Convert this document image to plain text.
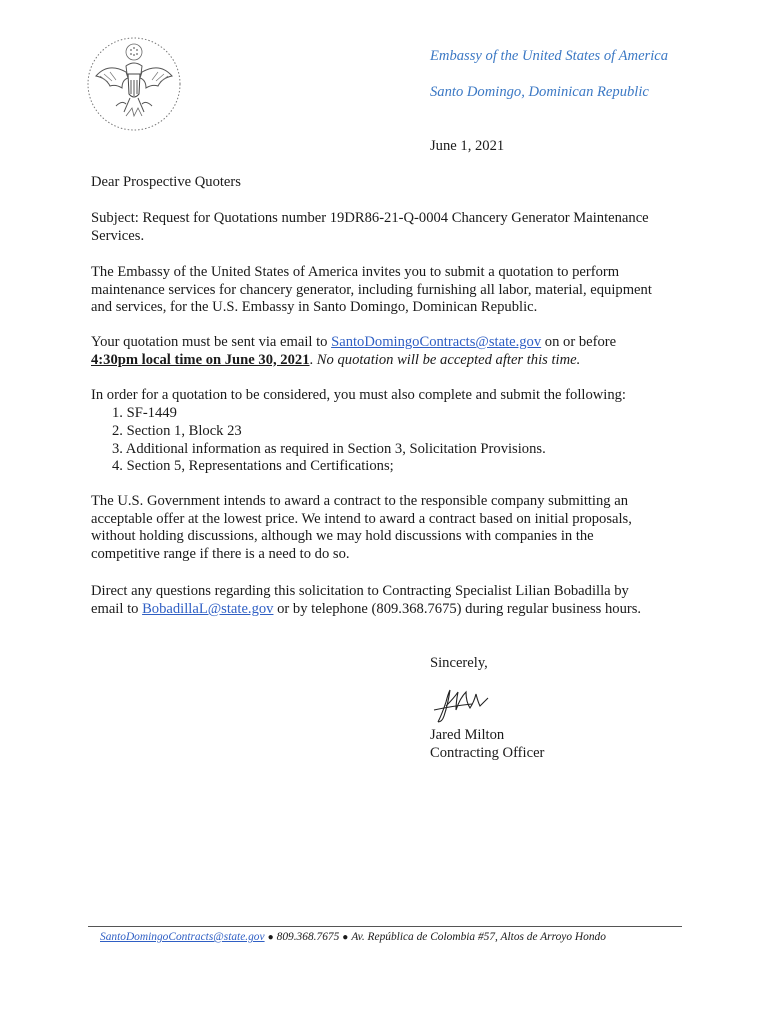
Embassy of the United States of America
Santo Domingo, Dominican Republic
June 1, 2021
Dear Prospective Quoters
Subject: Request for Quotations number 19DR86-21-Q-0004 Chancery Generator Maintenance
Services.
The Embassy of the United States of America invites you to submit a quotation to perform
maintenance services for chancery generator, including furnishing all labor, material, equipment
and services, for the U.S. Embassy in Santo Domingo, Dominican Republic.
Your quotation must be sent via email to SantoDomingoContracts@state.gov on or before
4:30pm local time on June 30, 2021. No quotation will be accepted after this time.
In order for a quotation to be considered, you must also complete and submit the following:
1. SF-1449
2. Section 1, Block 23
3. Additional information as required in Section 3, Solicitation Provisions.
4. Section 5, Representations and Certifications;
The U.S. Government intends to award a contract to the responsible company submitting an
acceptable offer at the lowest price. We intend to award a contract based on initial proposals,
without holding discussions, although we may hold discussions with companies in the
competitive range if there is a need to do so.
Direct any questions regarding this solicitation to Contracting Specialist Lilian Bobadilla by
email to BobadillaL@state.gov or by telephone (809.368.7675) during regular business hours.
Sincerely,
Jared Milton
Contracting Officer
SantoDomingoContracts@state.gov ● 809.368.7675 ● Av. República de Colombia #57, Altos de Arroyo Hondo
